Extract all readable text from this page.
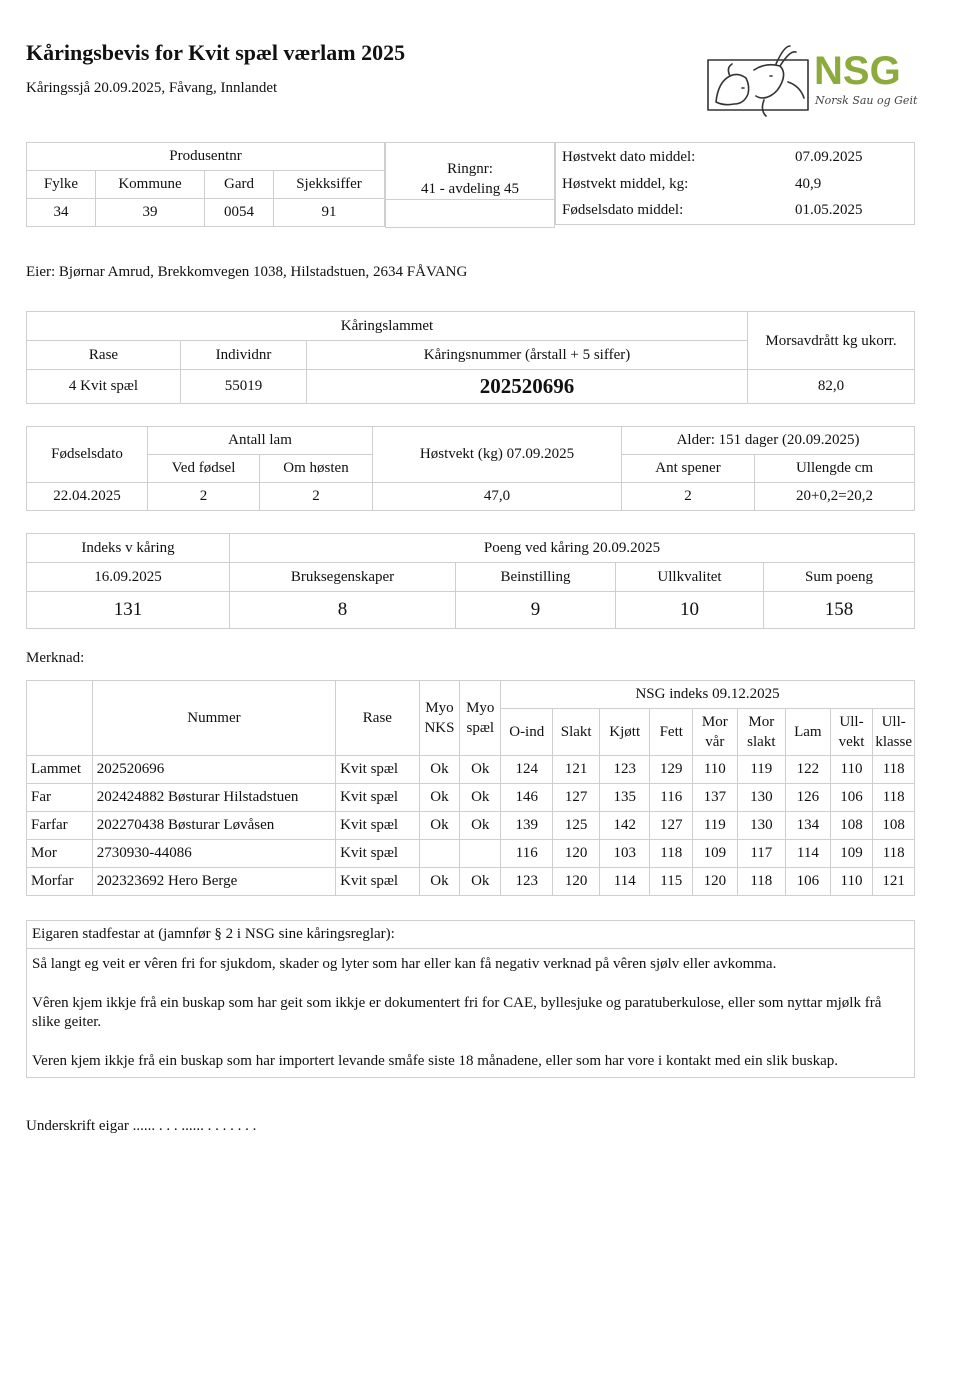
Kåringsbevis for Kvit spæl værlam 2025
Kåringssjå 20.09.2025, Fåvang, Innlandet	NSG
Norsk Sau og Geit
Produsentnr			
Fylke	Kommune	Gard	Sjekksiffer
34	39	0054	91
Ringnr:
41 - avdeling 45

Høstvekt dato middel:	07.09.2025
Høstvekt middel, kg:	40,9
Fødselsdato middel:	01.05.2025
Eier: Bjørnar Amrud, Brekkomvegen 1038, Hilstadstuen, 2634 FÅVANG
Kåringslammet			Morsavdrått kg ukorr.
Rase	Individnr	Kåringsnummer (årstall + 5 siffer)	
4 Kvit spæl	55019	202520696	82,0
Fødselsdato	Antall lam		Høstvekt (kg) 07.09.2025	Alder: 151 dager (20.09.2025)	
	Ved fødsel	Om høsten		Ant spener	Ullengde cm
22.04.2025	2	2	47,0	2	20+0,2=20,2
Indeks v kåring	Poeng ved kåring 20.09.2025			
16.09.2025	Bruksegenskaper	Beinstilling	Ullkvalitet	Sum poeng
131	8	9	10	158
Merknad:
	Nummer	Rase	Myo NKS	Myo spæl	NSG indeks 09.12.2025								
					O-ind	Slakt	Kjøtt	Fett	Mor vår	Mor slakt	Lam	Ull-vekt	Ull-klasse
Lammet	202520696	Kvit spæl	Ok	Ok	124	121	123	129	110	119	122	110	118
Far	202424882 Bøsturar Hilstadstuen	Kvit spæl	Ok	Ok	146	127	135	116	137	130	126	106	118
Farfar	202270438 Bøsturar Løvåsen	Kvit spæl	Ok	Ok	139	125	142	127	119	130	134	108	108
Mor	2730930-44086	Kvit spæl			116	120	103	118	109	117	114	109	118
Morfar	202323692 Hero Berge	Kvit spæl	Ok	Ok	123	120	114	115	120	118	106	110	121
Eigaren stadfestar at (jamnfør § 2 i NSG sine kåringsreglar):

Så langt eg veit er vêren fri for sjukdom, skader og lyter som har eller kan få negativ verknad på vêren sjølv eller avkomma.

Vêren kjem ikkje frå ein buskap som har geit som ikkje er dokumentert fri for CAE, byllesjuke og paratuberkulose, eller som nyttar mjølk frå slike geiter.

Veren kjem ikkje frå ein buskap som har importert levande småfe siste 18 månadene, eller som har vore i kontakt med ein slik buskap.

Underskrift eigar ...... . . . ...... . . . . . . .
